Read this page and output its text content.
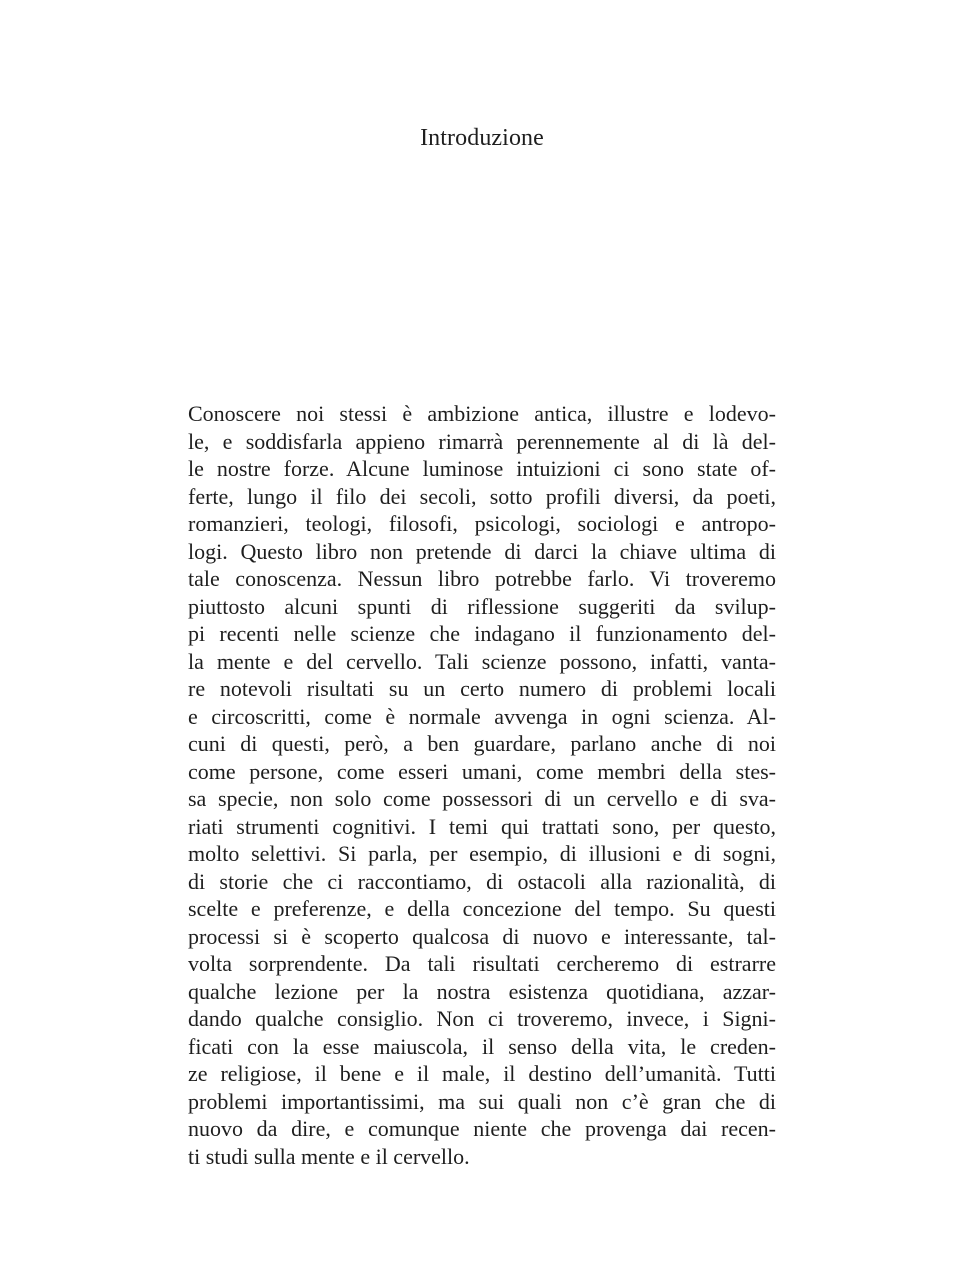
Introduzione
Conoscere noi stessi è ambizione antica, illustre e lodevo-
le, e soddisfarla appieno rimarrà perennemente al di là del-
le nostre forze. Alcune luminose intuizioni ci sono state of-
ferte, lungo il filo dei secoli, sotto profili diversi, da poeti,
romanzieri, teologi, filosofi, psicologi, sociologi e antropo-
logi. Questo libro non pretende di darci la chiave ultima di
tale conoscenza. Nessun libro potrebbe farlo. Vi troveremo
piuttosto alcuni spunti di riflessione suggeriti da svilup-
pi recenti nelle scienze che indagano il funzionamento del-
la mente e del cervello. Tali scienze possono, infatti, vanta-
re notevoli risultati su un certo numero di problemi locali
e circoscritti, come è normale avvenga in ogni scienza. Al-
cuni di questi, però, a ben guardare, parlano anche di noi
come persone, come esseri umani, come membri della stes-
sa specie, non solo come possessori di un cervello e di sva-
riati strumenti cognitivi. I temi qui trattati sono, per questo,
molto selettivi. Si parla, per esempio, di illusioni e di sogni,
di storie che ci raccontiamo, di ostacoli alla razionalità, di
scelte e preferenze, e della concezione del tempo. Su questi
processi si è scoperto qualcosa di nuovo e interessante, tal-
volta sorprendente. Da tali risultati cercheremo di estrarre
qualche lezione per la nostra esistenza quotidiana, azzar-
dando qualche consiglio. Non ci troveremo, invece, i Signi-
ficati con la esse maiuscola, il senso della vita, le creden-
ze religiose, il bene e il male, il destino dell’umanità. Tutti
problemi importantissimi, ma sui quali non c’è gran che di
nuovo da dire, e comunque niente che provenga dai recen-
ti studi sulla mente e il cervello.
